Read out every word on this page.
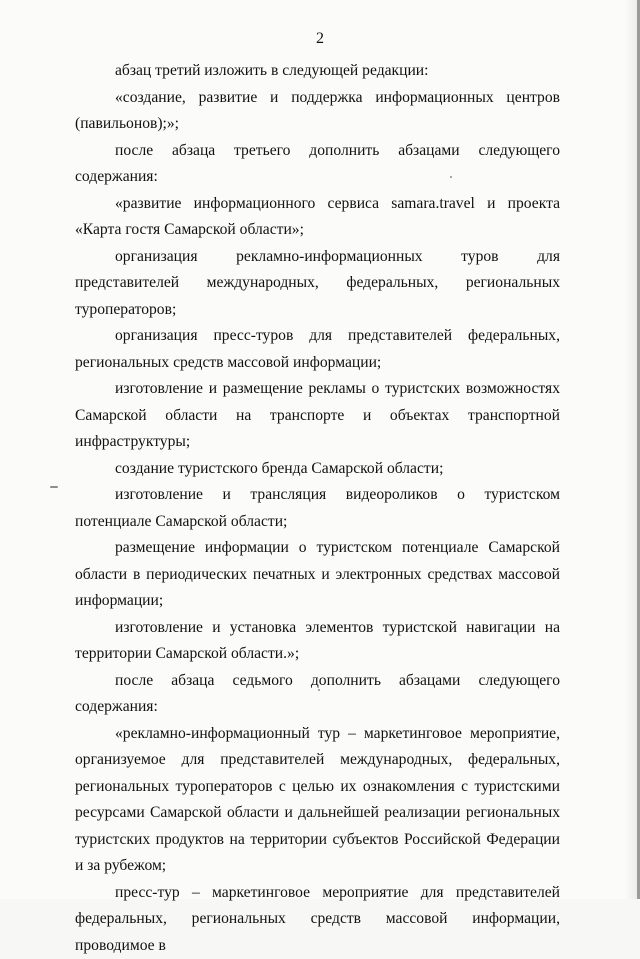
2

абзац третий изложить в следующей редакции:

«создание, развитие и поддержка информационных центров (павильонов);»;

после абзаца третьего дополнить абзацами следующего содержания:

«развитие информационного сервиса samara.travel и проекта «Карта гостя Самарской области»;

организация рекламно-информационных туров для представителей международных, федеральных, региональных туроператоров;

организация пресс-туров для представителей федеральных, региональных средств массовой информации;

изготовление и размещение рекламы о туристских возможностях Самарской области на транспорте и объектах транспортной инфраструктуры;

создание туристского бренда Самарской области;

изготовление и трансляция видеороликов о туристском потенциале Самарской области;

размещение информации о туристском потенциале Самарской области в периодических печатных и электронных средствах массовой информации;

изготовление и установка элементов туристской навигации на территории Самарской области.»;

после абзаца седьмого дополнить абзацами следующего содержания:

«рекламно-информационный тур – маркетинговое мероприятие, организуемое для представителей международных, федеральных, региональных туроператоров с целью их ознакомления с туристскими ресурсами Самарской области и дальнейшей реализации региональных туристских продуктов на территории субъектов Российской Федерации и за рубежом;

пресс-тур – маркетинговое мероприятие для представителей федеральных, региональных средств массовой информации, проводимое в
